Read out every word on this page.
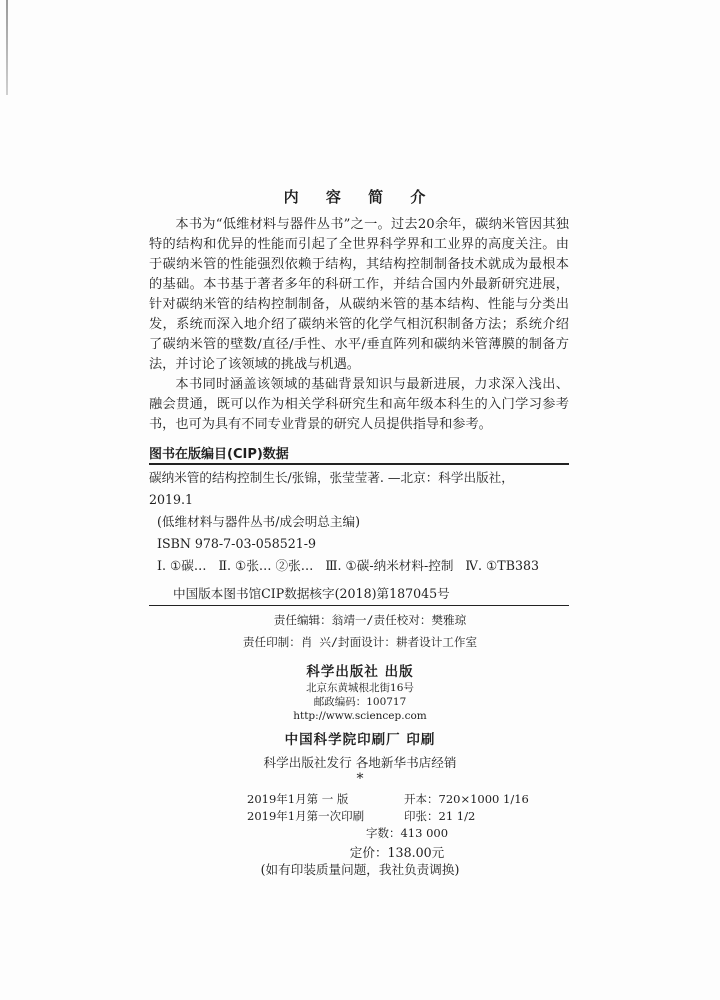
内 容 简 介

本书为“低维材料与器件丛书”之一。过去20余年，碳纳米管因其独特的结构和优异的性能而引起了全世界科学界和工业界的高度关注。由于碳纳米管的性能强烈依赖于结构，其结构控制制备技术就成为最根本的基础。本书基于著者多年的科研工作，并结合国内外最新研究进展，针对碳纳米管的结构控制制备，从碳纳米管的基本结构、性能与分类出发，系统而深入地介绍了碳纳米管的化学气相沉积制备方法；系统介绍了碳纳米管的壁数/直径/手性、水平/垂直阵列和碳纳米管薄膜的制备方法，并讨论了该领域的挑战与机遇。

本书同时涵盖该领域的基础背景知识与最新进展，力求深入浅出、融会贯通，既可以作为相关学科研究生和高年级本科生的入门学习参考书，也可为具有不同专业背景的研究人员提供指导和参考。

图书在版编目(CIP)数据
碳纳米管的结构控制生长/张锦，张莹莹著. —北京：科学出版社，
2019.1
(低维材料与器件丛书/成会明总主编)
ISBN 978-7-03-058521-9
Ⅰ. ①碳… Ⅱ. ①张… ②张… Ⅲ. ①碳-纳米材料-控制 Ⅳ. ①TB383
中国版本图书馆CIP数据核字(2018)第187045号
责任编辑：翁靖一/责任校对：樊雅琼
责任印制：肖 兴/封面设计：耕者设计工作室
科学出版社 出版
北京东黄城根北街16号
邮政编码：100717
http://www.sciencep.com
中国科学院印刷厂 印刷
科学出版社发行 各地新华书店经销
*
2019年1月第 一 版	开本：720×1000 1/16
2019年1月第一次印刷	印张：21 1/2
字数：413 000
定价：138.00元
(如有印装质量问题，我社负责调换)
